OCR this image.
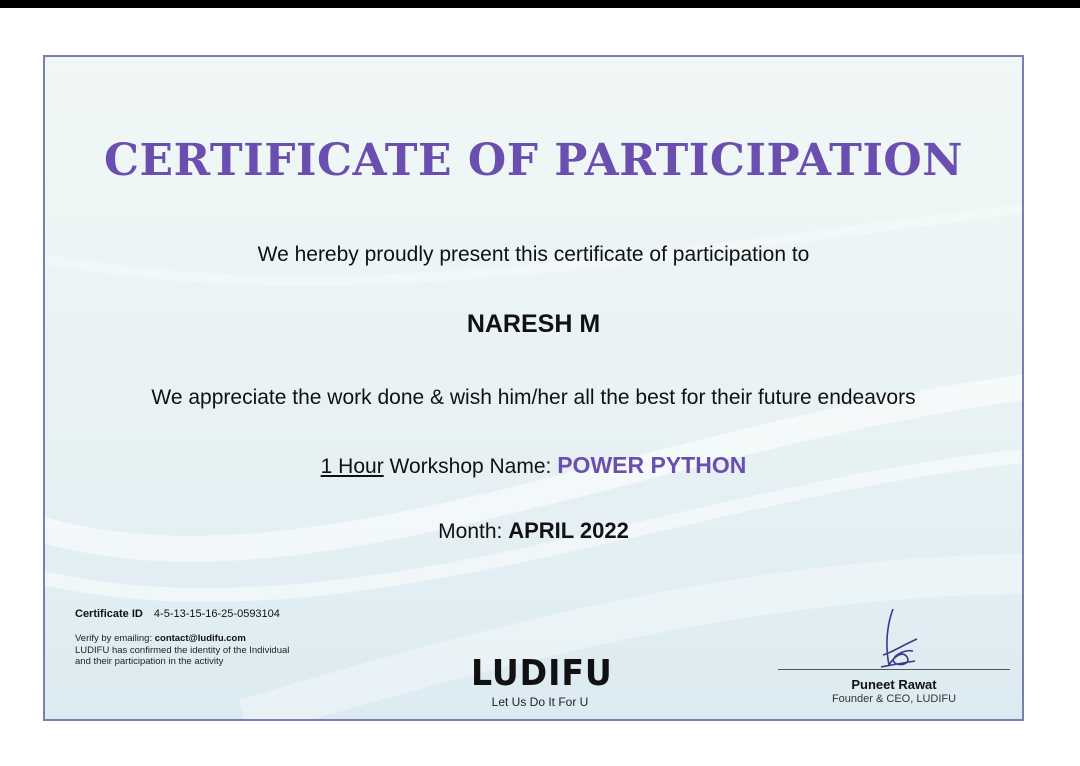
CERTIFICATE OF PARTICIPATION
We hereby proudly present this certificate of participation to
NARESH M
We appreciate the work done & wish him/her all the best for their future endeavors
1 Hour Workshop Name: POWER PYTHON
Month: APRIL 2022
Certificate ID 4-5-13-15-16-25-0593104
Verify by emailing: contact@ludifu.com
LUDIFU has confirmed the identity of the Individual and their participation in the activity	LUDIFU
Let Us Do It For U
Puneet Rawat
Founder & CEO, LUDIFU
